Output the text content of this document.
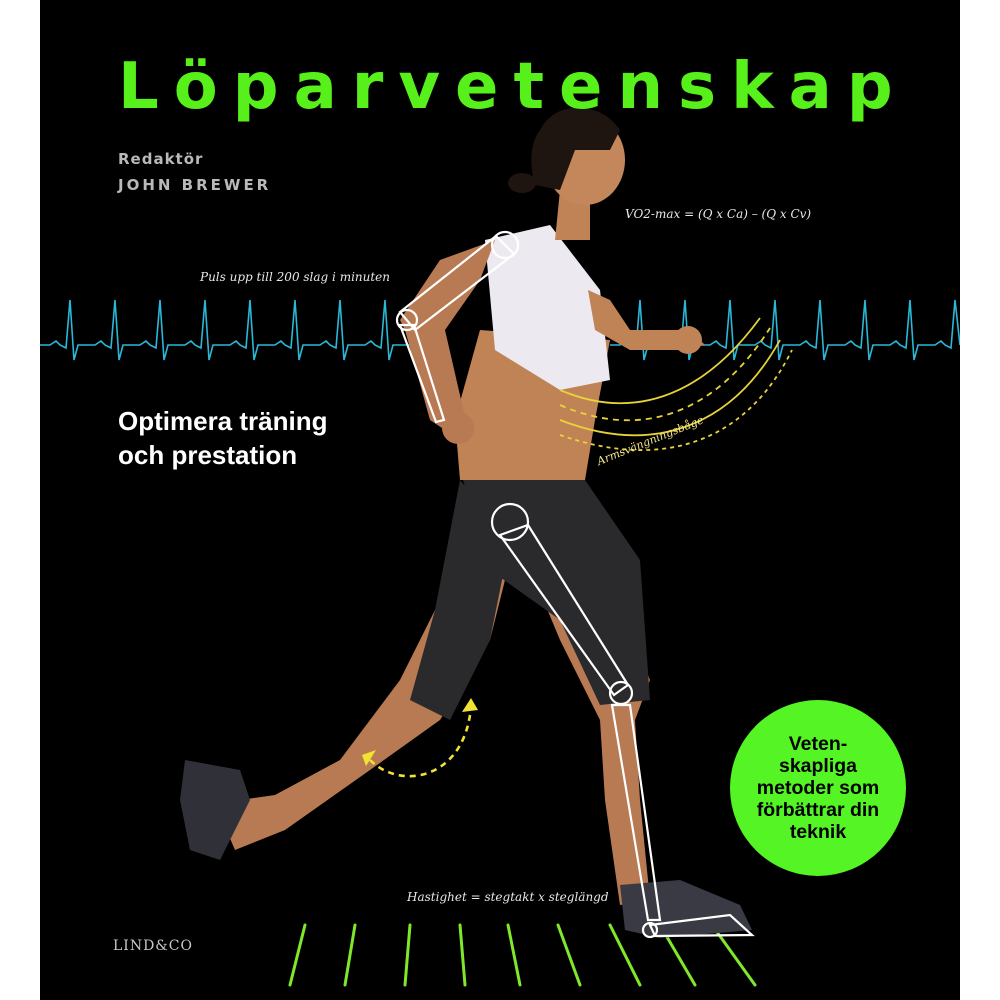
Löparvetenskap
Redaktör
JOHN BREWER
Optimera träning
och prestation
Puls upp till 200 slag i minuten
VO2-max = (Q x Ca) – (Q x Cv)
Armsvängningsbåge
Hastighet = stegtakt x steglängd
Veten-
skapliga
metoder som
förbättrar din
teknik
LIND&CO
